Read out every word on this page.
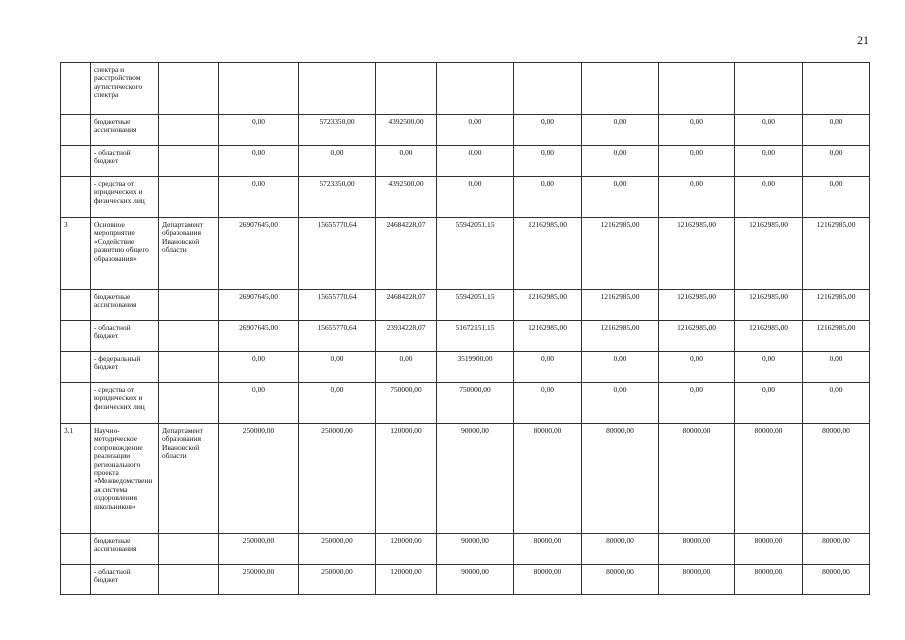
21
	спектра и расстройством аутистического спектра										
	бюджетные ассигнования		0,00	5723350,00	4392500,00	0,00	0,00	0,00	0,00	0,00	0,00
	- областной бюджет		0,00	0,00	0,00	0,00	0,00	0,00	0,00	0,00	0,00
	- средства от юридических и физических лиц		0,00	5723350,00	4392500,00	0,00	0,00	0,00	0,00	0,00	0,00
3	Основное мероприятие «Содействие развитию общего образования»	Департамент образования Ивановской области	26907645,00	15655770,64	24684228,07	55942051,15	12162985,00	12162985,00	12162985,00	12162985,00	12162985,00
	бюджетные ассигнования		26907645,00	15655770,64	24684228,07	55942051,15	12162985,00	12162985,00	12162985,00	12162985,00	12162985,00
	- областной бюджет		26907645,00	15655770,64	23934228,07	51672151,15	12162985,00	12162985,00	12162985,00	12162985,00	12162985,00
	- федеральный бюджет		0,00	0,00	0,00	3519900,00	0,00	0,00	0,00	0,00	0,00
	- средства от юридических и физических лиц		0,00	0,00	750000,00	750000,00	0,00	0,00	0,00	0,00	0,00
3.1	Научно-методическое сопровождение реализации регионального проекта «Межведомственная система оздоровления школьников»	Департамент образования Ивановской области	250000,00	250000,00	120000,00	90000,00	80000,00	80000,00	80000,00	80000,00	80000,00
	бюджетные ассигнования		250000,00	250000,00	120000,00	90000,00	80000,00	80000,00	80000,00	80000,00	80000,00
	- областной бюджет		250000,00	250000,00	120000,00	90000,00	80000,00	80000,00	80000,00	80000,00	80000,00
